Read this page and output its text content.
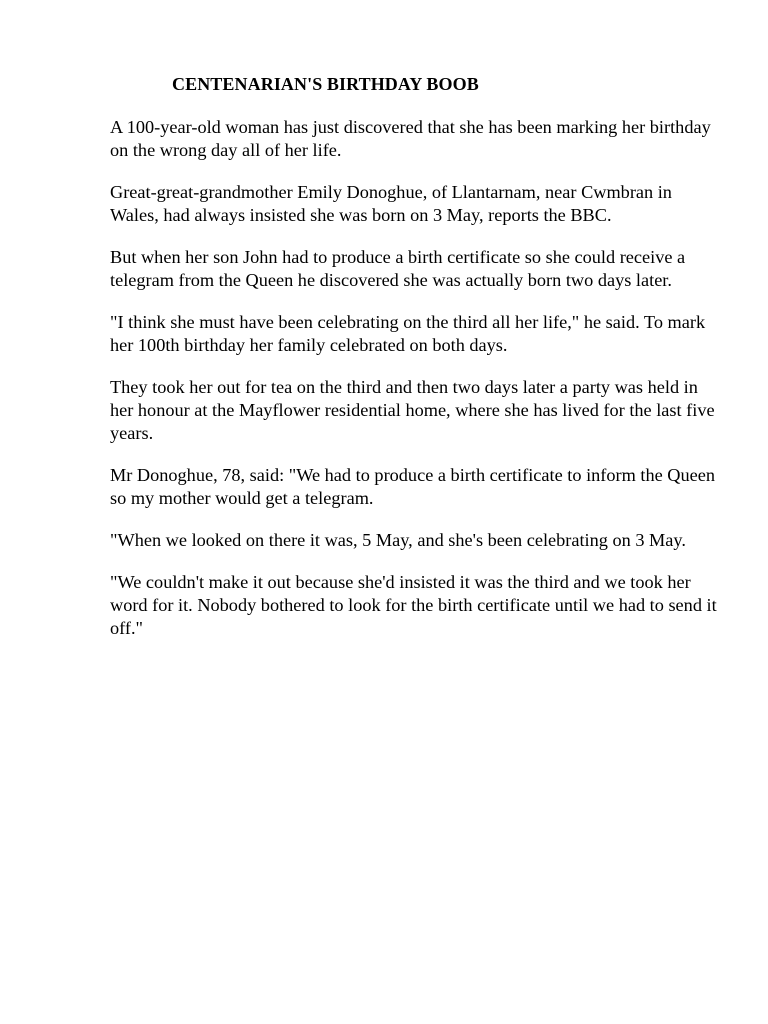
CENTENARIAN'S BIRTHDAY BOOB

A 100-year-old woman has just discovered that she has been marking her birthday on the wrong day all of her life.

Great-great-grandmother Emily Donoghue, of Llantarnam, near Cwmbran in Wales, had always insisted she was born on 3 May, reports the BBC.

But when her son John had to produce a birth certificate so she could receive a telegram from the Queen he discovered she was actually born two days later.

"I think she must have been celebrating on the third all her life," he said. To mark her 100th birthday her family celebrated on both days.

They took her out for tea on the third and then two days later a party was held in her honour at the Mayflower residential home, where she has lived for the last five years.

Mr Donoghue, 78, said: "We had to produce a birth certificate to inform the Queen so my mother would get a telegram.

"When we looked on there it was, 5 May, and she's been celebrating on 3 May.

"We couldn't make it out because she'd insisted it was the third and we took her word for it. Nobody bothered to look for the birth certificate until we had to send it off."
